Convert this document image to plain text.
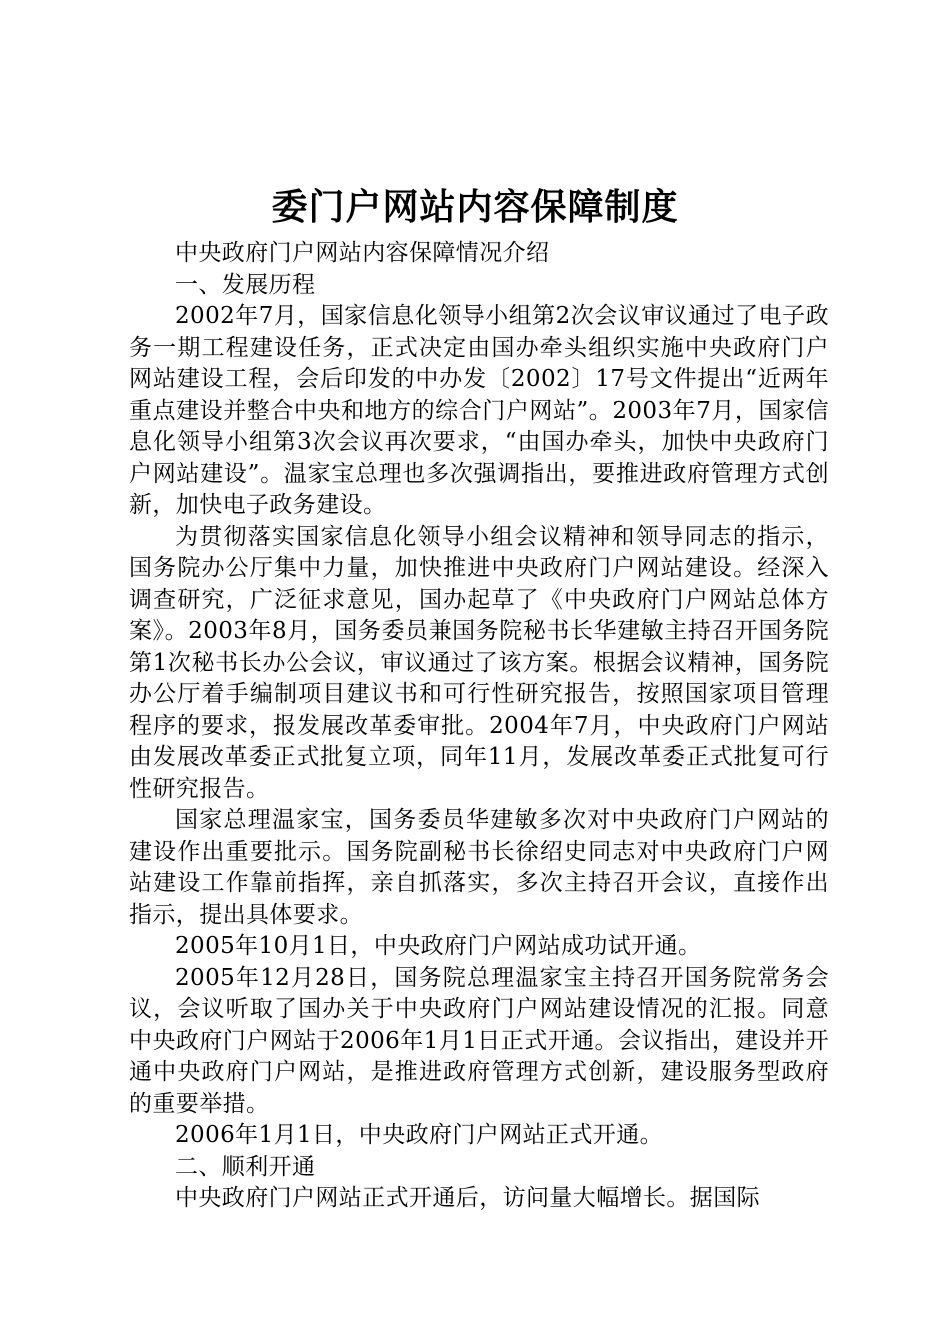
委门户网站内容保障制度

中央政府门户网站内容保障情况介绍

一、发展历程

2002年7月，国家信息化领导小组第2次会议审议通过了电子政务一期工程建设任务，正式决定由国办牵头组织实施中央政府门户网站建设工程，会后印发的中办发〔2002〕17号文件提出“近两年重点建设并整合中央和地方的综合门户网站”。2003年7月，国家信息化领导小组第3次会议再次要求，“由国办牵头，加快中央政府门户网站建设”。温家宝总理也多次强调指出，要推进政府管理方式创新，加快电子政务建设。

为贯彻落实国家信息化领导小组会议精神和领导同志的指示，国务院办公厅集中力量，加快推进中央政府门户网站建设。经深入调查研究，广泛征求意见，国办起草了《中央政府门户网站总体方案》。2003年8月，国务委员兼国务院秘书长华建敏主持召开国务院第1次秘书长办公会议，审议通过了该方案。根据会议精神，国务院办公厅着手编制项目建议书和可行性研究报告，按照国家项目管理程序的要求，报发展改革委审批。2004年7月，中央政府门户网站由发展改革委正式批复立项，同年11月，发展改革委正式批复可行性研究报告。

国家总理温家宝，国务委员华建敏多次对中央政府门户网站的建设作出重要批示。国务院副秘书长徐绍史同志对中央政府门户网站建设工作靠前指挥，亲自抓落实，多次主持召开会议，直接作出指示，提出具体要求。

2005年10月1日，中央政府门户网站成功试开通。

2005年12月28日，国务院总理温家宝主持召开国务院常务会议，会议听取了国办关于中央政府门户网站建设情况的汇报。同意中央政府门户网站于2006年1月1日正式开通。会议指出，建设并开通中央政府门户网站，是推进政府管理方式创新，建设服务型政府的重要举措。

2006年1月1日，中央政府门户网站正式开通。

二、顺利开通

中央政府门户网站正式开通后，访问量大幅增长。据国际
